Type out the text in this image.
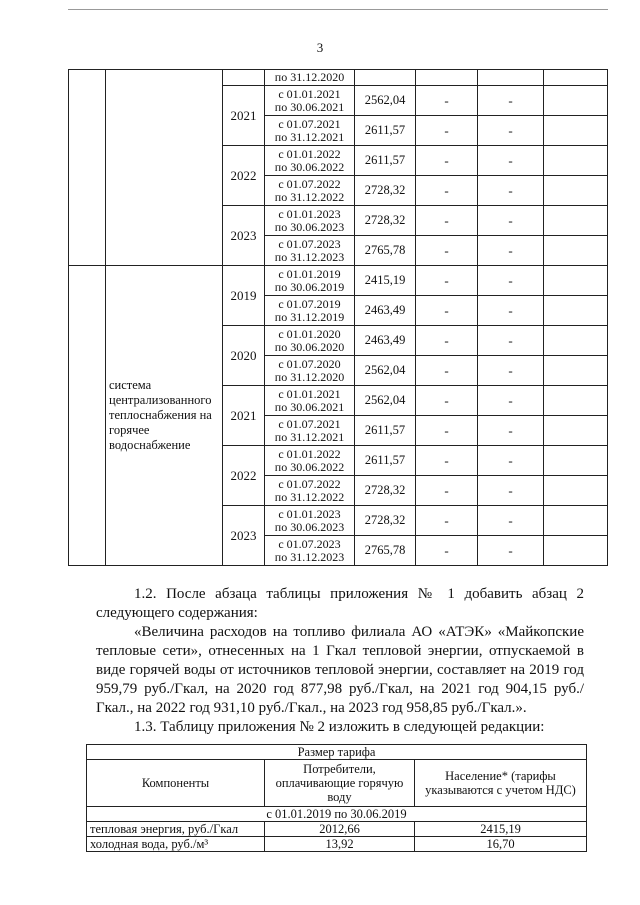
3
			по 31.12.2020				
		2021	с 01.01.2021
по 30.06.2021	2562,04	-	-	
			с 01.07.2021
по 31.12.2021	2611,57	-	-	
		2022	с 01.01.2022
по 30.06.2022	2611,57	-	-	
			с 01.07.2022
по 31.12.2022	2728,32	-	-	
		2023	с 01.01.2023
по 30.06.2023	2728,32	-	-	
			с 01.07.2023
по 31.12.2023	2765,78	-	-	
	система централизованного теплоснабжения на горячее водоснабжение	2019	с 01.01.2019
по 30.06.2019	2415,19	-	-	
			с 01.07.2019
по 31.12.2019	2463,49	-	-	
		2020	с 01.01.2020
по 30.06.2020	2463,49	-	-	
			с 01.07.2020
по 31.12.2020	2562,04	-	-	
		2021	с 01.01.2021
по 30.06.2021	2562,04	-	-	
			с 01.07.2021
по 31.12.2021	2611,57	-	-	
		2022	с 01.01.2022
по 30.06.2022	2611,57	-	-	
			с 01.07.2022
по 31.12.2022	2728,32	-	-	
		2023	с 01.01.2023
по 30.06.2023	2728,32	-	-	
			с 01.07.2023
по 31.12.2023	2765,78	-	-	
1.2. После абзаца таблицы приложения № 1 добавить абзац 2 следующего содержания:
«Величина расходов на топливо филиала АО «АТЭК» «Майкопские тепловые сети», отнесенных на 1 Гкал тепловой энергии, отпускаемой в виде горячей воды от источников тепловой энергии, составляет на 2019 год 959,79 руб./Гкал, на 2020 год 877,98 руб./Гкал, на 2021 год 904,15 руб./Гкал., на 2022 год 931,10 руб./Гкал., на 2023 год 958,85 руб./Гкал.».
1.3. Таблицу приложения № 2 изложить в следующей редакции:
Размер тарифа		
Компоненты	Потребители, оплачивающие горячую воду	Население* (тарифы указываются с учетом НДС)
с 01.01.2019 по 30.06.2019		
тепловая энергия, руб./Гкал	2012,66	2415,19
холодная вода, руб./м³	13,92	16,70
